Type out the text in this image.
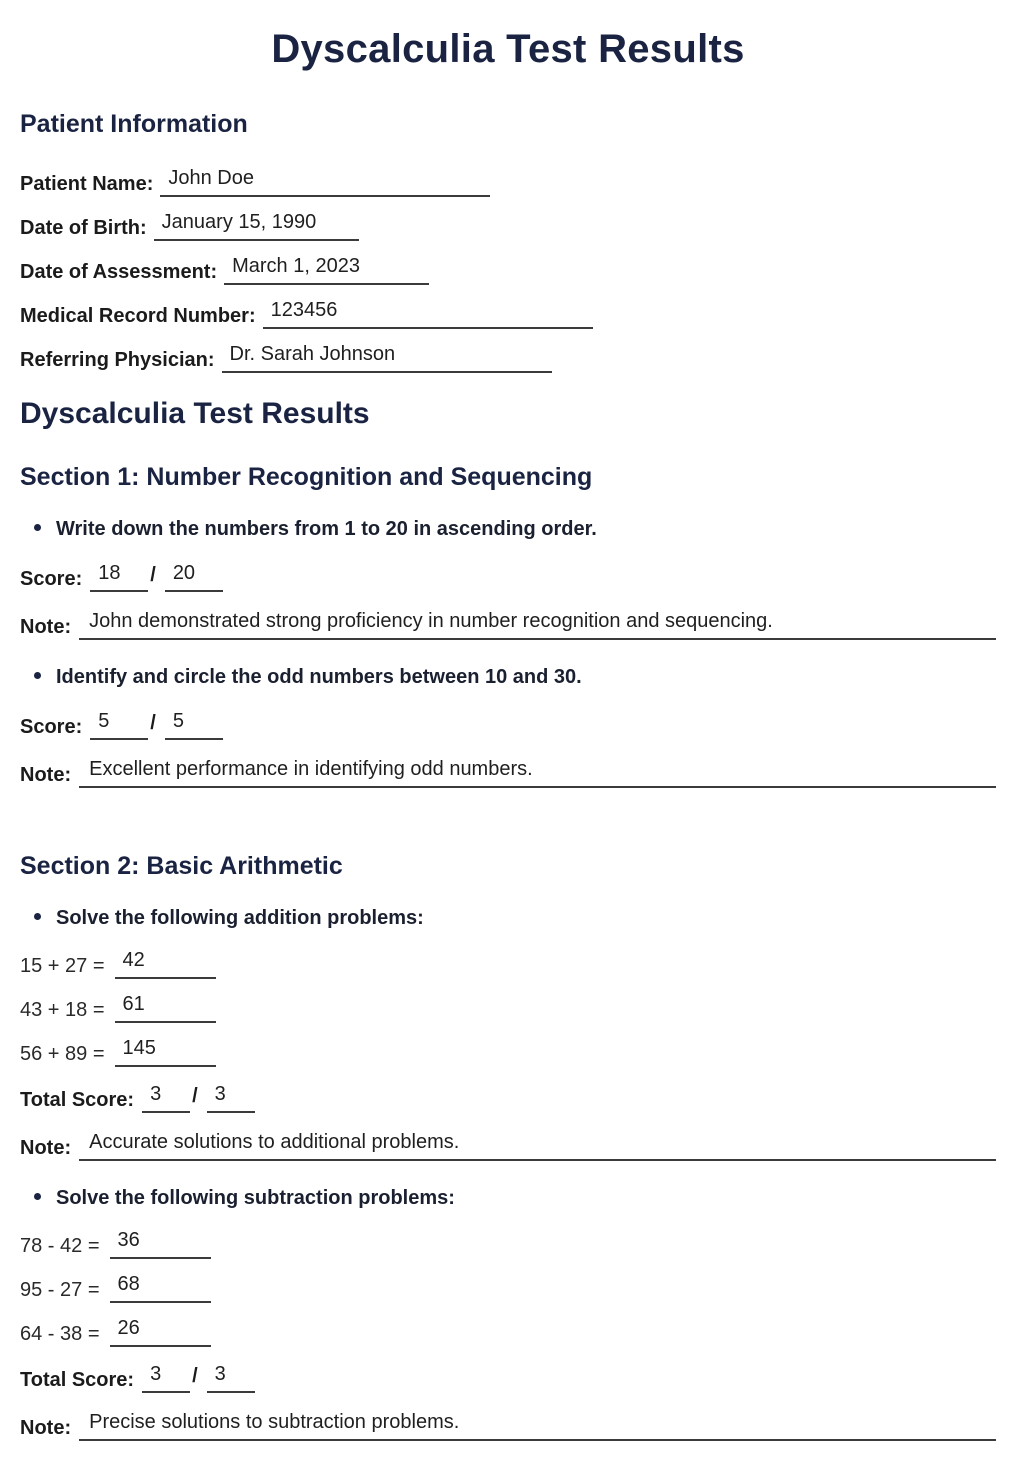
Dyscalculia Test Results
Patient Information
Patient Name: John Doe
Date of Birth: January 15, 1990
Date of Assessment: March 1, 2023
Medical Record Number: 123456
Referring Physician: Dr. Sarah Johnson
Dyscalculia Test Results
Section 1: Number Recognition and Sequencing
Write down the numbers from 1 to 20 in ascending order.
Score: 18	/ 20
Note: John demonstrated strong proficiency in number recognition and sequencing.
Identify and circle the odd numbers between 10 and 30.
Score: 5	/ 5
Note: Excellent performance in identifying odd numbers.
Section 2: Basic Arithmetic
Solve the following addition problems:
15 + 27 = 42
43 + 18 = 61
56 + 89 = 145
Total Score: 3	/ 3
Note: Accurate solutions to additional problems.
Solve the following subtraction problems:
78 - 42 = 36
95 - 27 = 68
64 - 38 = 26
Total Score: 3	/ 3
Note: Precise solutions to subtraction problems.
